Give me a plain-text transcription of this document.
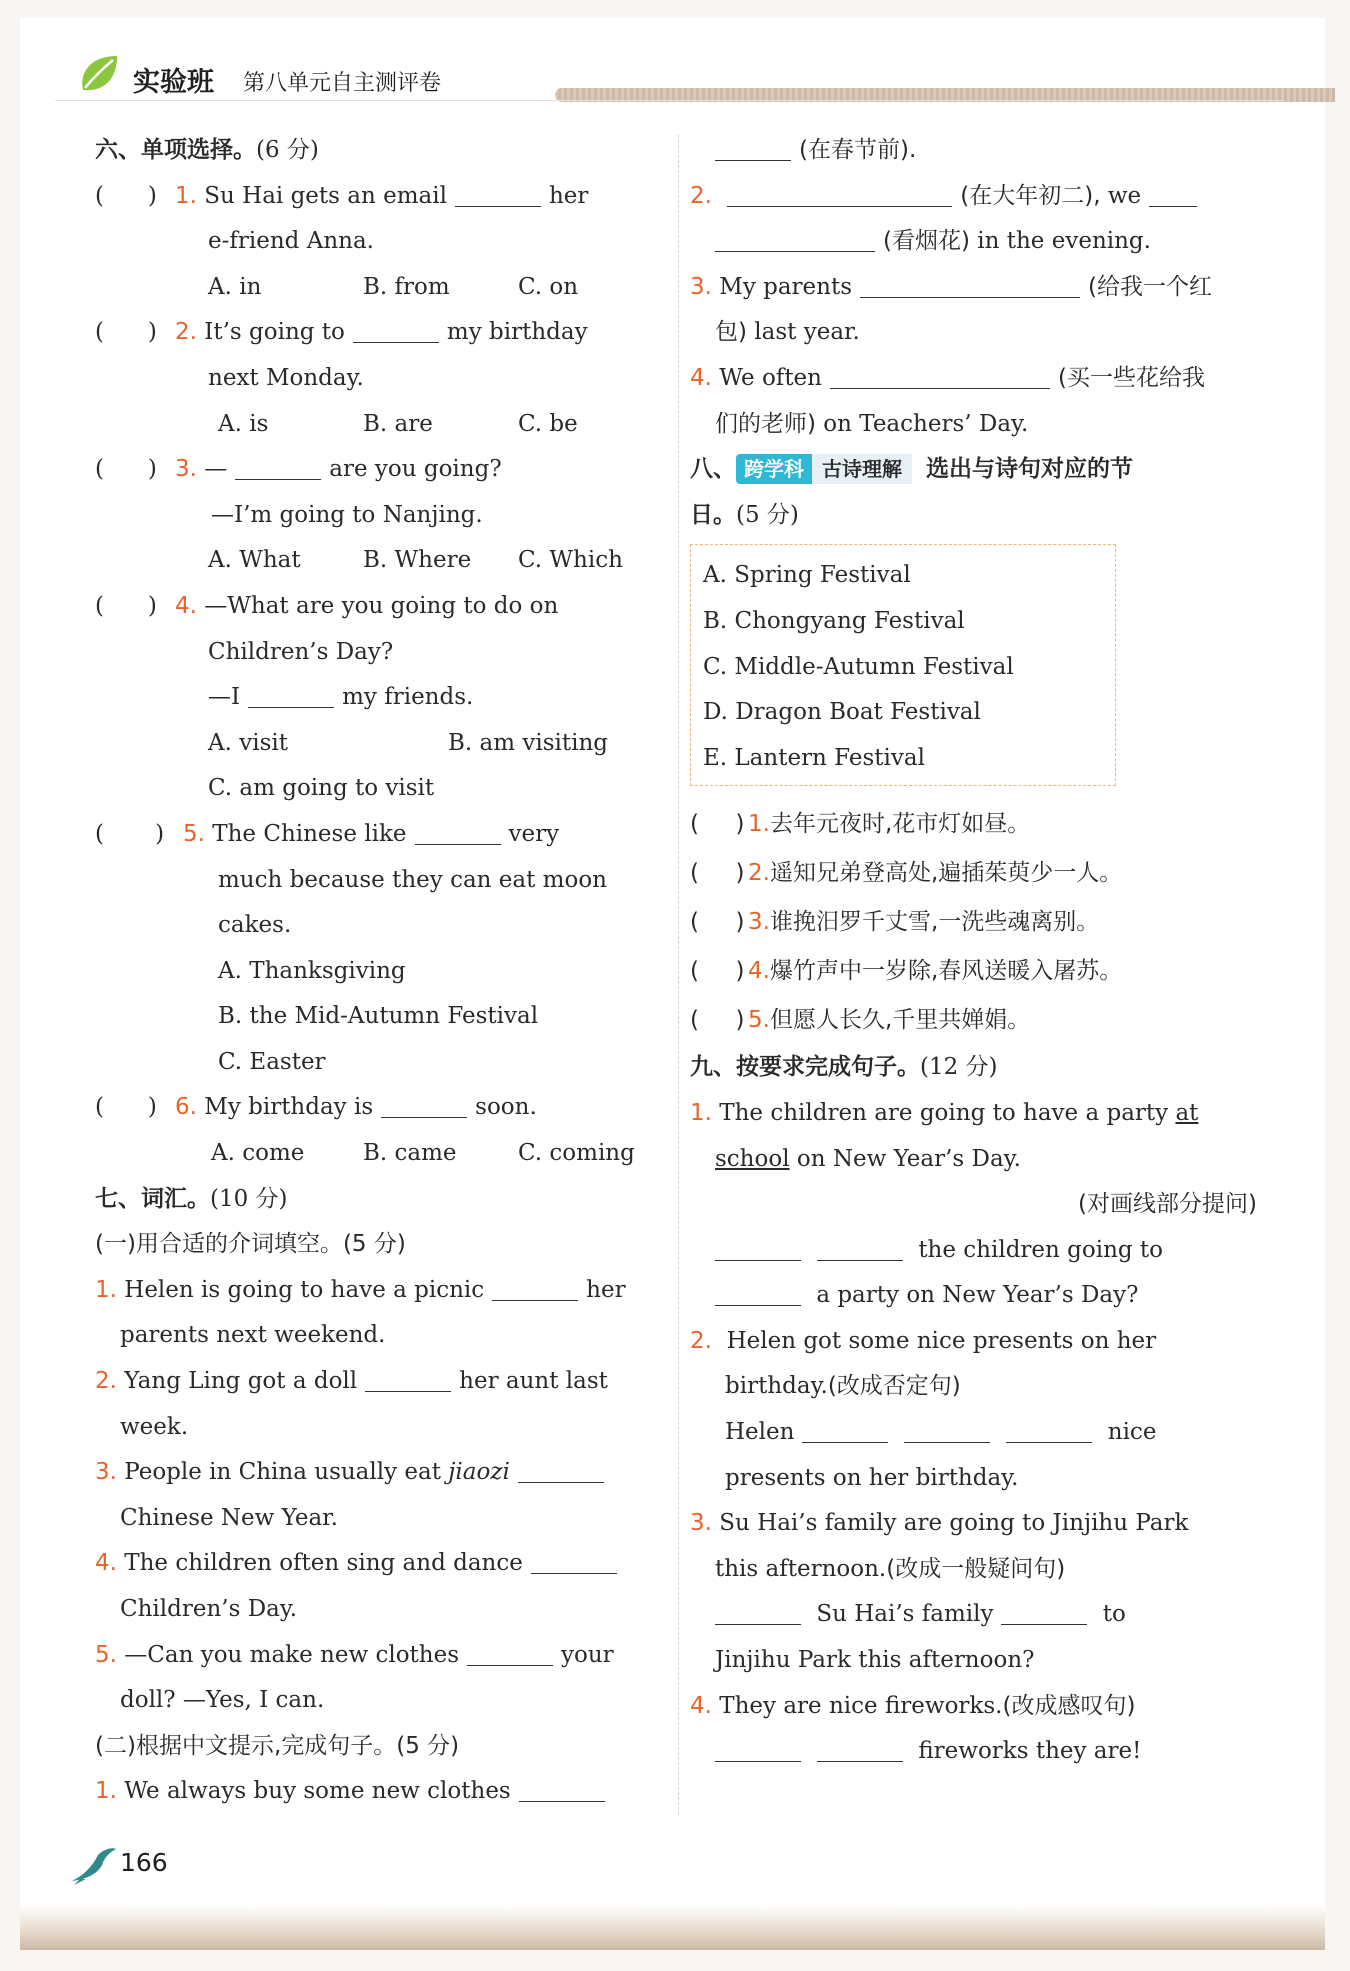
实验班 第八单元自主测评卷
六、单项选择。(6 分)
(      ) 1. Su Hai gets an email	her
e-friend Anna.
A. in	B. from	C. on
(      ) 2. It’s going to	my birthday
next Monday.
A. is	B. are	C. be
(      ) 3. —	are you going?
—I’m going to Nanjing.
A. What	B. Where C. Which
(      ) 4. —What are you going to do on
Children’s Day?
—I	my friends.
A. visit	B. am visiting
C. am going to visit
(       ) 5. The Chinese like	very
much because they can eat moon
cakes.
A. Thanksgiving
B. the Mid-Autumn Festival
C. Easter
(      ) 6. My birthday is	soon.
A. come	B. came	C. coming
七、词汇。(10 分)
(一)用合适的介词填空。(5 分)
1. Helen is going to have a picnic	her
parents next weekend.
2. Yang Ling got a doll	her aunt last
week.
3. People in China usually eat jiaozi
Chinese New Year.
4. The children often sing and dance
Children’s Day.
5. —Can you make new clothes	your
doll? —Yes, I can.
(二)根据中文提示,完成句子。(5 分)
1. We always buy some new clothes
(在春节前).
2.	(在大年初二), we
(看烟花) in the evening.
3. My parents	(给我一个红
包) last year.
4. We often	(买一些花给我
们的老师) on Teachers’ Day.
八、 跨学科 古诗理解 选出与诗句对应的节
日。(5 分)
A. Spring Festival
B. Chongyang Festival
C. Middle-Autumn Festival
D. Dragon Boat Festival
E. Lantern Festival
(     ) 1.去年元夜时,花市灯如昼。
(     ) 2.遥知兄弟登高处,遍插茱萸少一人。
(     ) 3.谁挽汨罗千丈雪,一洗些魂离别。
(     ) 4.爆竹声中一岁除,春风送暖入屠苏。
(     ) 5.但愿人长久,千里共婵娟。
九、按要求完成句子。(12 分)
1. The children are going to have a party at
school on New Year’s Day.
(对画线部分提问)
the children going to
a party on New Year’s Day?
2. Helen got some nice presents on her
birthday.(改成否定句)
Helen	nice
presents on her birthday.
3. Su Hai’s family are going to Jinjihu Park
this afternoon.(改成一般疑问句)
Su Hai’s family	to
Jinjihu Park this afternoon?
4. They are nice fireworks.(改成感叹句)
fireworks they are!
166
